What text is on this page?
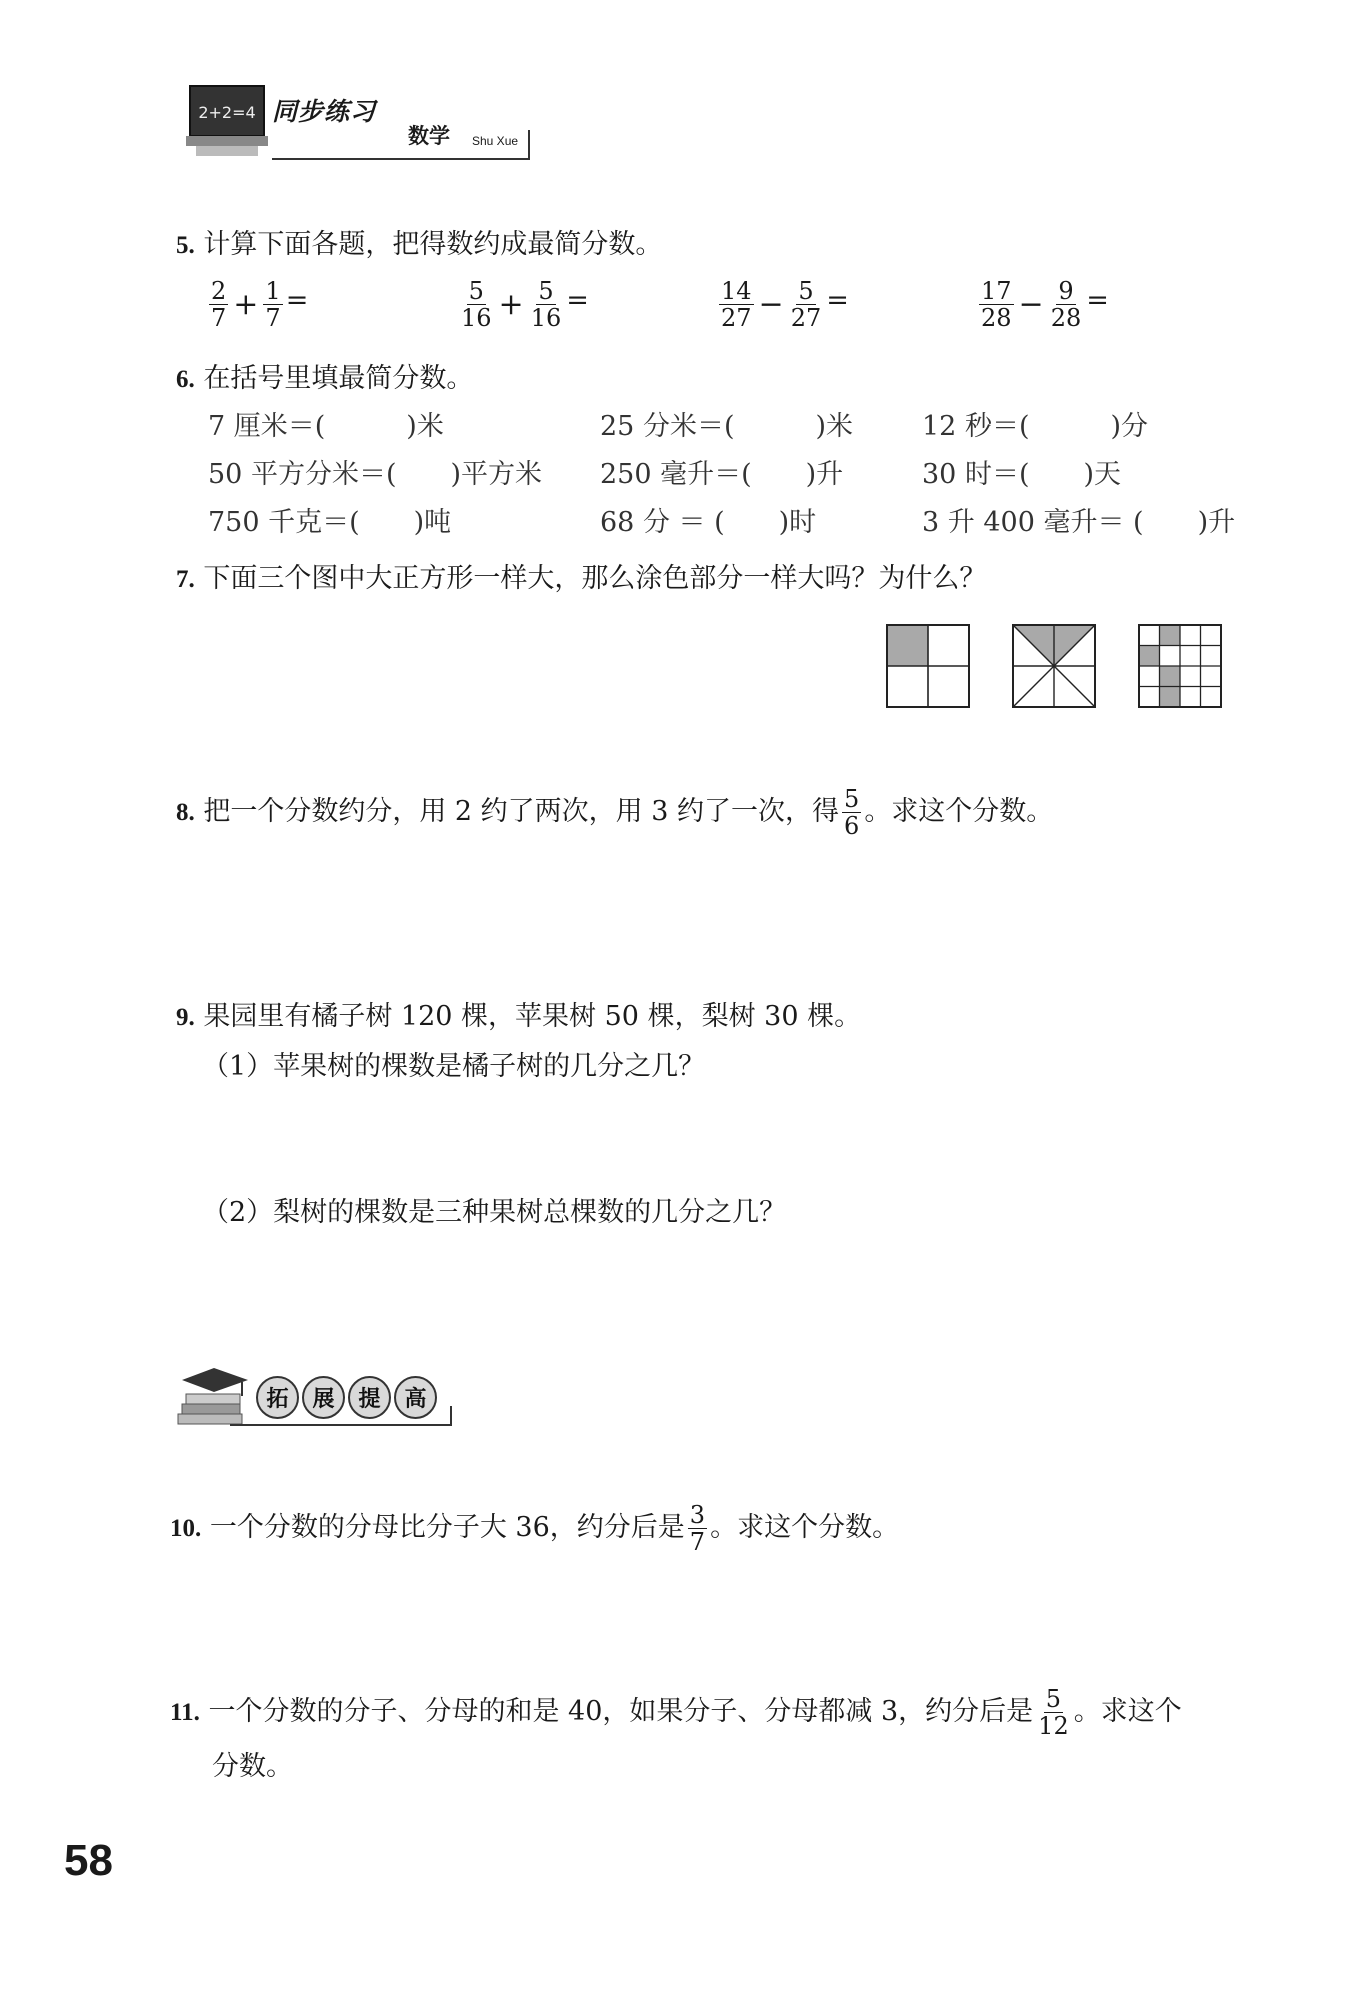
2+2=4 同步练习
数学 Shu Xue
5. 计算下面各题，把得数约成最简分数。
$\frac{2}{7} + \frac{1}{7}$ =	$\frac{5}{16} + \frac{5}{16}$ =	$\frac{14}{27} - \frac{5}{27}$ =	$\frac{17}{28} - \frac{9}{28}$ =
6. 在括号里填最简分数。
7 厘米＝(　　　)米	25 分米＝(　　　)米	12 秒＝(　　　)分
50 平方分米＝(　　)平方米 250 毫升＝(　　)升	30 时＝(　　)天
750 千克＝(　　)吨	68 分 ＝ (　　)时	3 升 400 毫升＝ (　　)升
7. 下面三个图中大正方形一样大，那么涂色部分一样大吗？为什么？
8. 把一个分数约分，用 2 约了两次，用 3 约了一次，得 $\frac{5}{6}$ 。求这个分数。
9. 果园里有橘子树 120 棵，苹果树 50 棵，梨树 30 棵。
（1）苹果树的棵数是橘子树的几分之几？
（2）梨树的棵数是三种果树总棵数的几分之几？
拓 展 提 高
10. 一个分数的分母比分子大 36，约分后是 $\frac{3}{7}$ 。求这个分数。
11. 一个分数的分子、分母的和是 40，如果分子、分母都减 3，约分后是 $\frac{5}{12}$ 。求这个
分数。
58
